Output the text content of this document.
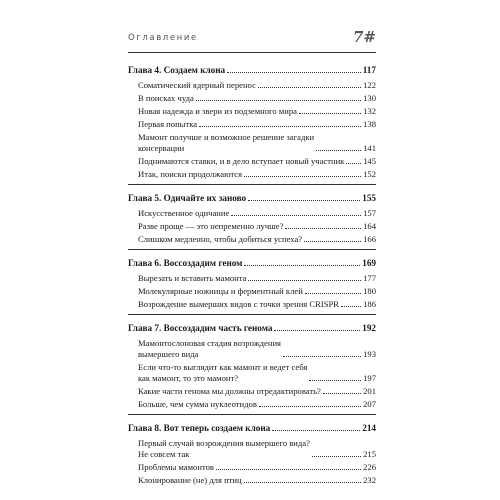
Оглавление	7#
Глава 4. Создаем клона	117
Соматический ядерный перенос	122
В поисках чуда	130
Новая надежда и звери из подземного мира	132
Первая попытка	138
Мамонт получше и возможное решение загадки
консервации	141
Поднимаются ставки, и в дело вступает новый участник 145
Итак, поиски продолжаются	152
Глава 5. Одичайте их заново	155
Искусственное одичание	157
Разве проще — это непременно лучше?	164
Слишком медленно, чтобы добиться успеха?	166
Глава 6. Воссоздадим геном	169
Вырезать и вставить мамонта	177
Молекулярные ножницы и ферментный клей	180
Возрождение вымерших видов с точки зрения CRISPR	186
Глава 7. Воссоздадим часть генома	192
Мамонтослоновая стадия возрождения
вымершего вида	193
Если что-то выглядит как мамонт и ведет себя
как мамонт, то это мамонт?	197
Какие части генома мы должны отредактировать?	201
Больше, чем сумма нуклеотидов	207
Глава 8. Вот теперь создаем клона	214
Первый случай возрождения вымершего вида?
Не совсем так	215
Проблемы мамонтов	226
Клонирование (не) для птиц	232
